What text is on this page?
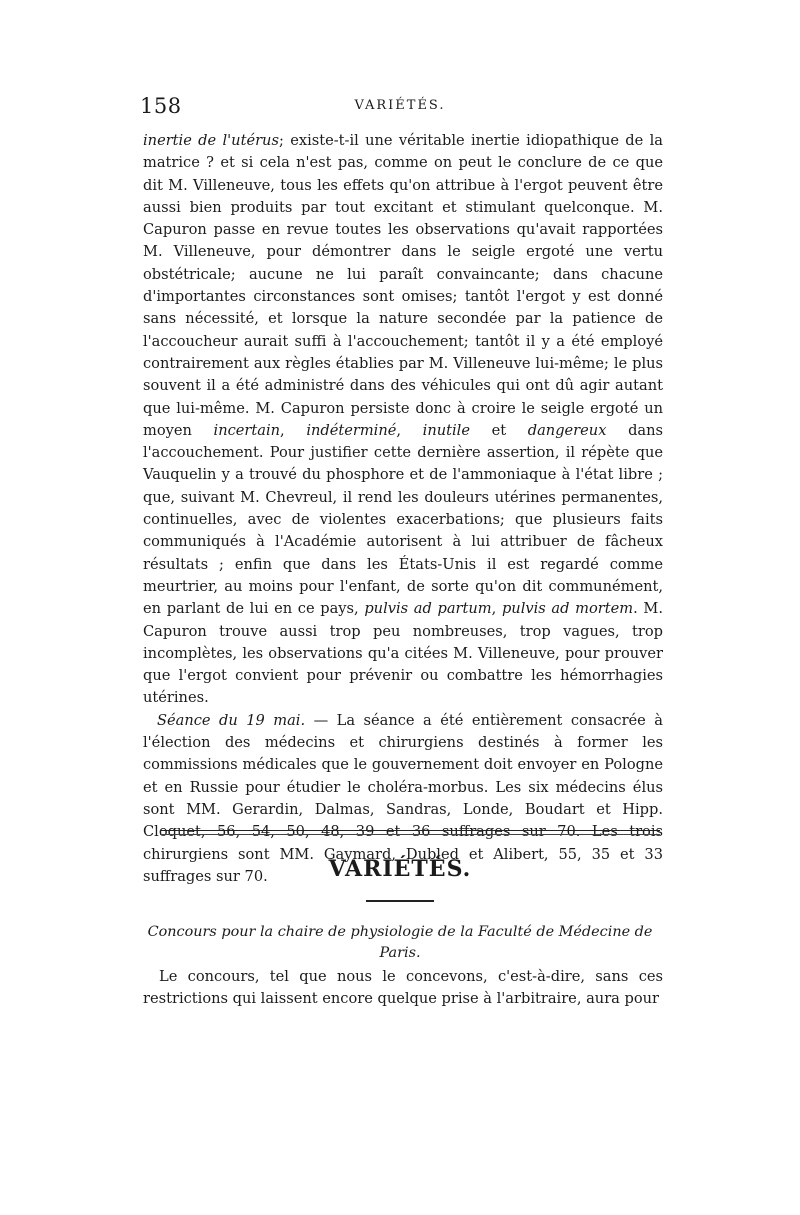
158	VARIÉTÉS.

inertie de l'utérus; existe-t-il une véritable inertie idiopathique de la matrice ? et si cela n'est pas, comme on peut le conclure de ce que dit M. Villeneuve, tous les effets qu'on attribue à l'ergot peuvent être aussi bien produits par tout excitant et stimulant quelconque. M. Capuron passe en revue toutes les observations qu'avait rapportées M. Villeneuve, pour démontrer dans le seigle ergoté une vertu obstétricale; aucune ne lui paraît convaincante; dans chacune d'importantes circonstances sont omises; tantôt l'ergot y est donné sans nécessité, et lorsque la nature secondée par la patience de l'accoucheur aurait suffi à l'accouchement; tantôt il y a été employé contrairement aux règles établies par M. Villeneuve lui-même; le plus souvent il a été administré dans des véhicules qui ont dû agir autant que lui-même. M. Capuron persiste donc à croire le seigle ergoté un moyen incertain, indéterminé, inutile et dangereux dans l'accouchement. Pour justifier cette dernière assertion, il répète que Vauquelin y a trouvé du phosphore et de l'ammoniaque à l'état libre ; que, suivant M. Chevreul, il rend les douleurs utérines permanentes, continuelles, avec de violentes exacerbations; que plusieurs faits communiqués à l'Académie autorisent à lui attribuer de fâcheux résultats ; enfin que dans les États-Unis il est regardé comme meurtrier, au moins pour l'enfant, de sorte qu'on dit communément, en parlant de lui en ce pays, pulvis ad partum, pulvis ad mortem. M. Capuron trouve aussi trop peu nombreuses, trop vagues, trop incomplètes, les observations qu'a citées M. Villeneuve, pour prouver que l'ergot convient pour prévenir ou combattre les hémorrhagies utérines.

Séance du 19 mai. — La séance a été entièrement consacrée à l'élection des médecins et chirurgiens destinés à former les commissions médicales que le gouvernement doit envoyer en Pologne et en Russie pour étudier le choléra-morbus. Les six médecins élus sont MM. Gerardin, Dalmas, Sandras, Londe, Boudart et Hipp. Cloquet, 56, 54, 50, 48, 39 et 36 suffrages sur 70. Les trois chirurgiens sont MM. Gaymard, Dubled et Alibert, 55, 35 et 33 suffrages sur 70.	VARIÉTÉS.
Concours pour la chaire de physiologie de la Faculté de Médecine de Paris.
Le concours, tel que nous le concevons, c'est-à-dire, sans ces restrictions qui laissent encore quelque prise à l'arbitraire, aura pour
